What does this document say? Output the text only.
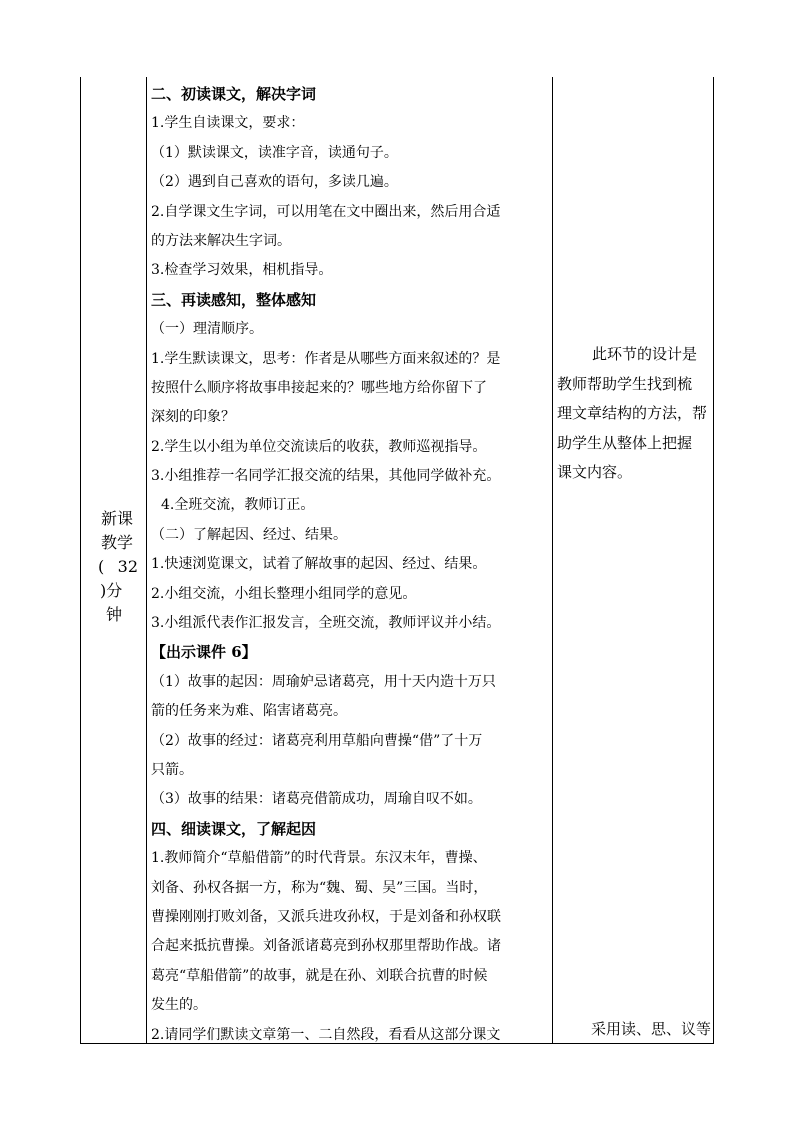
新课
教学
( 32
)分
钟
二、初读课文，解决字词
1.学生自读课文，要求：
（1）默读课文，读准字音，读通句子。
（2）遇到自己喜欢的语句，多读几遍。
2.自学课文生字词，可以用笔在文中圈出来，然后用合适
的方法来解决生字词。
3.检查学习效果，相机指导。
三、再读感知，整体感知
（一）理清顺序。
1.学生默读课文，思考：作者是从哪些方面来叙述的？是
按照什么顺序将故事串接起来的？哪些地方给你留下了
深刻的印象？
2.学生以小组为单位交流读后的收获，教师巡视指导。
3.小组推荐一名同学汇报交流的结果，其他同学做补充。
4.全班交流，教师订正。
（二）了解起因、经过、结果。
1.快速浏览课文，试着了解故事的起因、经过、结果。
2.小组交流，小组长整理小组同学的意见。
3.小组派代表作汇报发言，全班交流，教师评议并小结。
【出示课件 6】
（1）故事的起因：周瑜妒忌诸葛亮，用十天内造十万只
箭的任务来为难、陷害诸葛亮。
（2）故事的经过：诸葛亮利用草船向曹操“借”了十万
只箭。
（3）故事的结果：诸葛亮借箭成功，周瑜自叹不如。
四、细读课文，了解起因
1.教师简介“草船借箭”的时代背景。东汉末年，曹操、
刘备、孙权各据一方，称为“魏、蜀、吴”三国。当时，
曹操刚刚打败刘备，又派兵进攻孙权，于是刘备和孙权联
合起来抵抗曹操。刘备派诸葛亮到孙权那里帮助作战。诸
葛亮“草船借箭”的故事，就是在孙、刘联合抗曹的时候
发生的。
2.请同学们默读文章第一、二自然段，看看从这部分课文
此环节的设计是
教师帮助学生找到梳
理文章结构的方法，帮
助学生从整体上把握
课文内容。
采用读、思、议等
